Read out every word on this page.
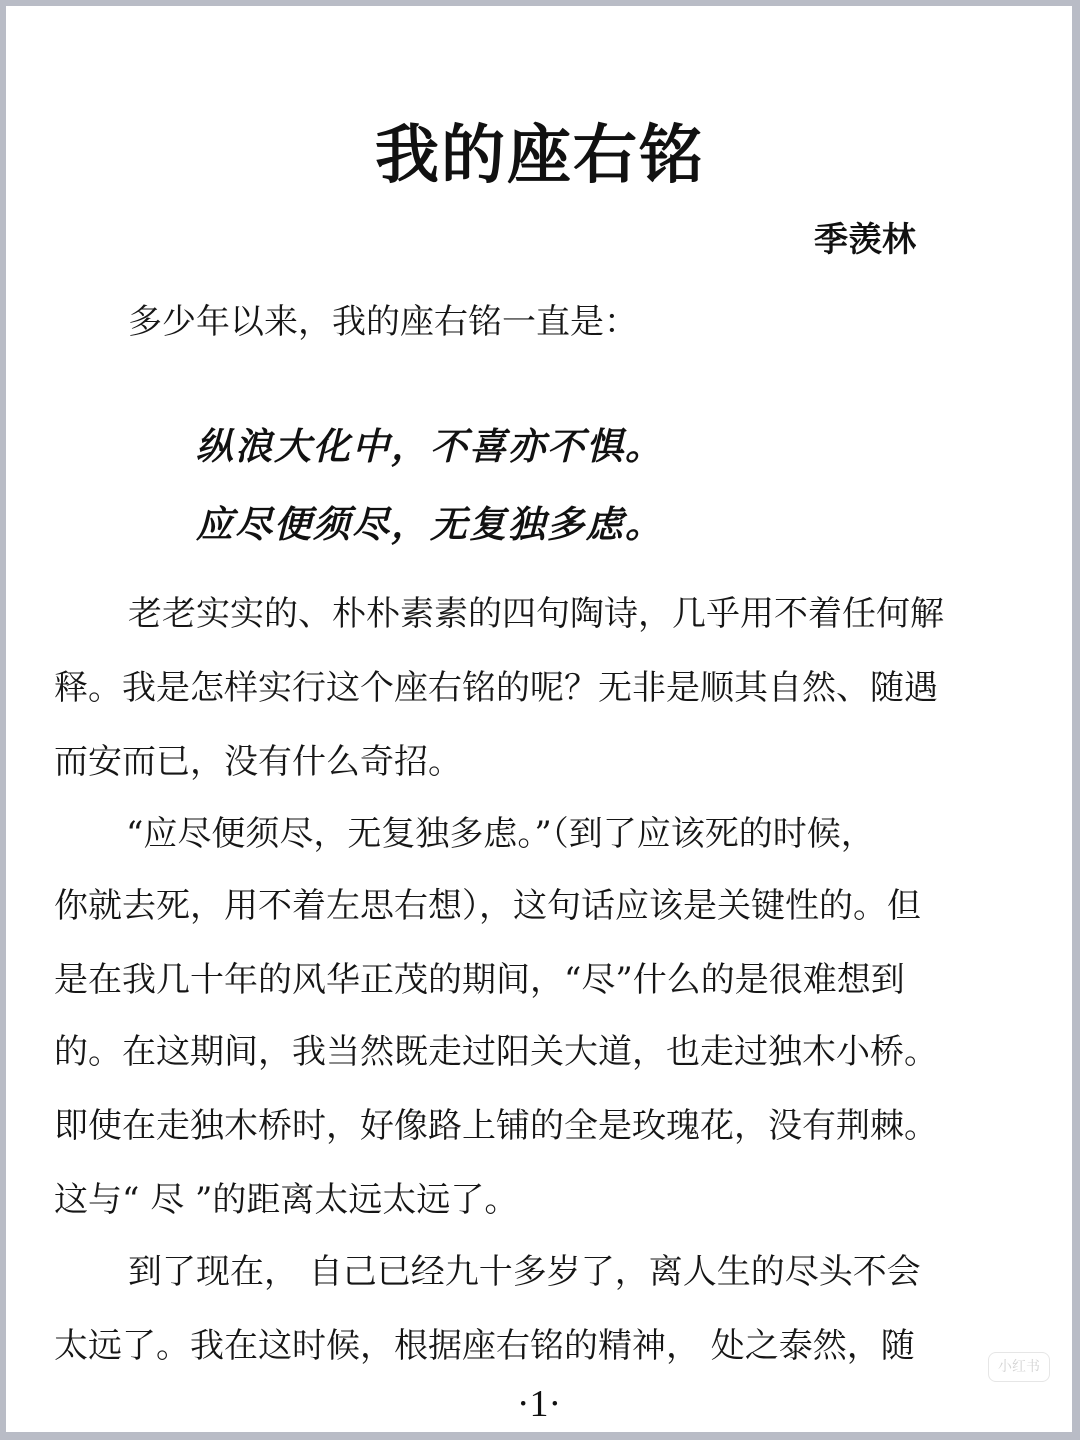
我的座右铭
季羡林
多少年以来，我的座右铭一直是：
纵浪大化中，不喜亦不惧。
应尽便须尽，无复独多虑。
老老实实的、朴朴素素的四句陶诗，几乎用不着任何解
释。我是怎样实行这个座右铭的呢？无非是顺其自然、随遇
而安而已，没有什么奇招。
“应尽便须尽，无复独多虑。”（到了应该死的时候，
你就去死，用不着左思右想），这句话应该是关键性的。但
是在我几十年的风华正茂的期间，“尽”什么的是很难想到
的。在这期间，我当然既走过阳关大道，也走过独木小桥。
即使在走独木桥时，好像路上铺的全是玫瑰花，没有荆棘。
这与“ 尽 ”的距离太远太远了。
到了现在， 自己已经九十多岁了，离人生的尽头不会
太远了。我在这时候，根据座右铭的精神， 处之泰然，随
小红书
·1·
